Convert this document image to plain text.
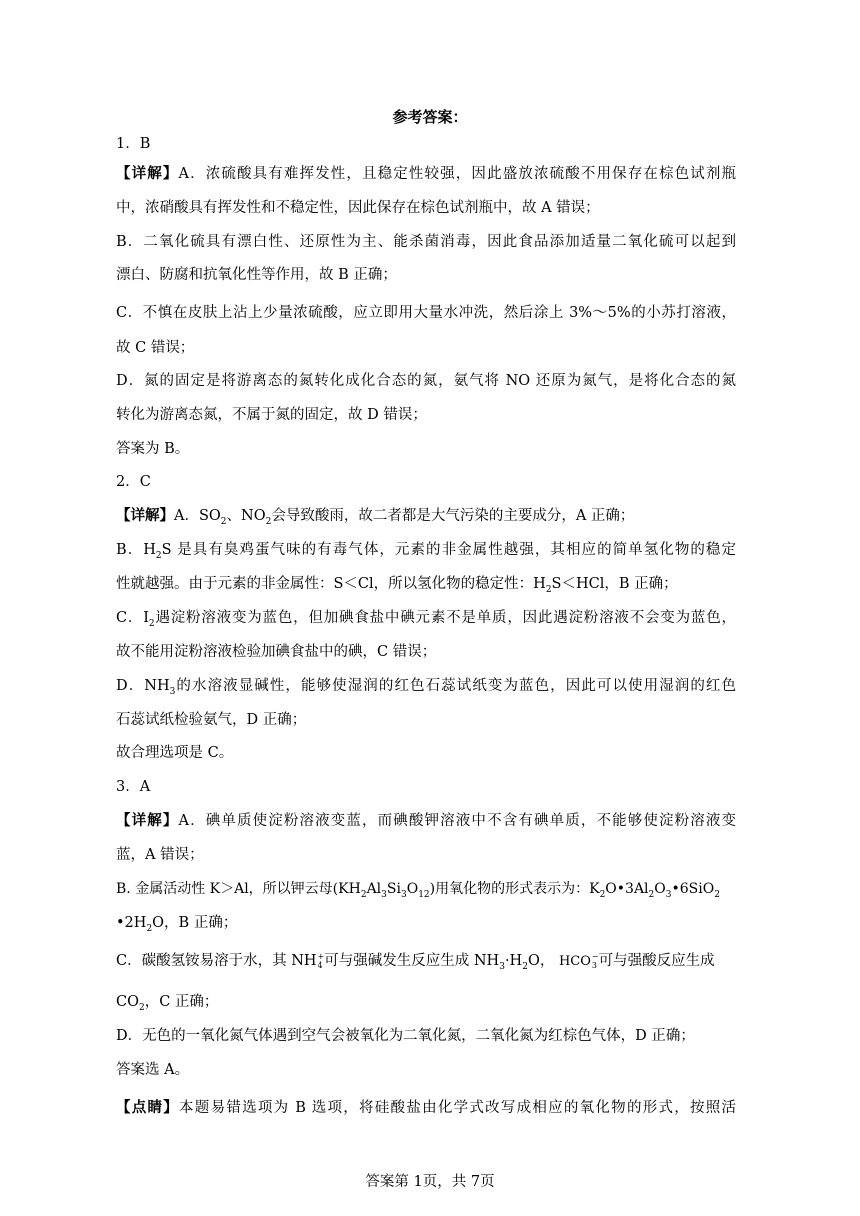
参考答案：
1．B
【详解】A．浓硫酸具有难挥发性，且稳定性较强，因此盛放浓硫酸不用保存在棕色试剂瓶
中，浓硝酸具有挥发性和不稳定性，因此保存在棕色试剂瓶中，故 A 错误；
B．二氧化硫具有漂白性、还原性为主、能杀菌消毒，因此食品添加适量二氧化硫可以起到
漂白、防腐和抗氧化性等作用，故 B 正确；
C．不慎在皮肤上沾上少量浓硫酸，应立即用大量水冲洗，然后涂上 3%～5%的小苏打溶液，
故 C 错误；
D．氮的固定是将游离态的氮转化成化合态的氮，氨气将 NO 还原为氮气，是将化合态的氮
转化为游离态氮，不属于氮的固定，故 D 错误；
答案为 B。
2．C
【详解】A．$SO_2$、$NO_2$会导致酸雨，故二者都是大气污染的主要成分，A 正确；
B．$H_2S$ 是具有臭鸡蛋气味的有毒气体，元素的非金属性越强，其相应的简单氢化物的稳定
性就越强。由于元素的非金属性：S＜Cl，所以氢化物的稳定性：$H_2S<HCl$，B 正确；
C．$I_2$遇淀粉溶液变为蓝色，但加碘食盐中碘元素不是单质，因此遇淀粉溶液不会变为蓝色，
故不能用淀粉溶液检验加碘食盐中的碘，C 错误；
D．$NH_3$的水溶液显碱性，能够使湿润的红色石蕊试纸变为蓝色，因此可以使用湿润的红色
石蕊试纸检验氨气，D 正确；
故合理选项是 C。
3．A
【详解】A．碘单质使淀粉溶液变蓝，而碘酸钾溶液中不含有碘单质，不能够使淀粉溶液变
蓝，A 错误；
B. 金属活动性 K＞Al，所以钾云母$(KH_2Al_3Si_3O_{12})$用氧化物的形式表示为：$K_2O•3Al_2O_3•6SiO_2$
$•2H_2O$，B 正确；
C．碳酸氢铵易溶于水，其 NH +
4 可与强碱发生反应生成 $NH_3\cdot H_2O$， HCO −
3 可与强酸反应生成
$CO_2$，C 正确；
D．无色的一氧化氮气体遇到空气会被氧化为二氧化氮，二氧化氮为红棕色气体，D 正确；
答案选 A。
【点睛】本题易错选项为 B 选项，将硅酸盐由化学式改写成相应的氧化物的形式，按照活
答案第 1页，共 7页
